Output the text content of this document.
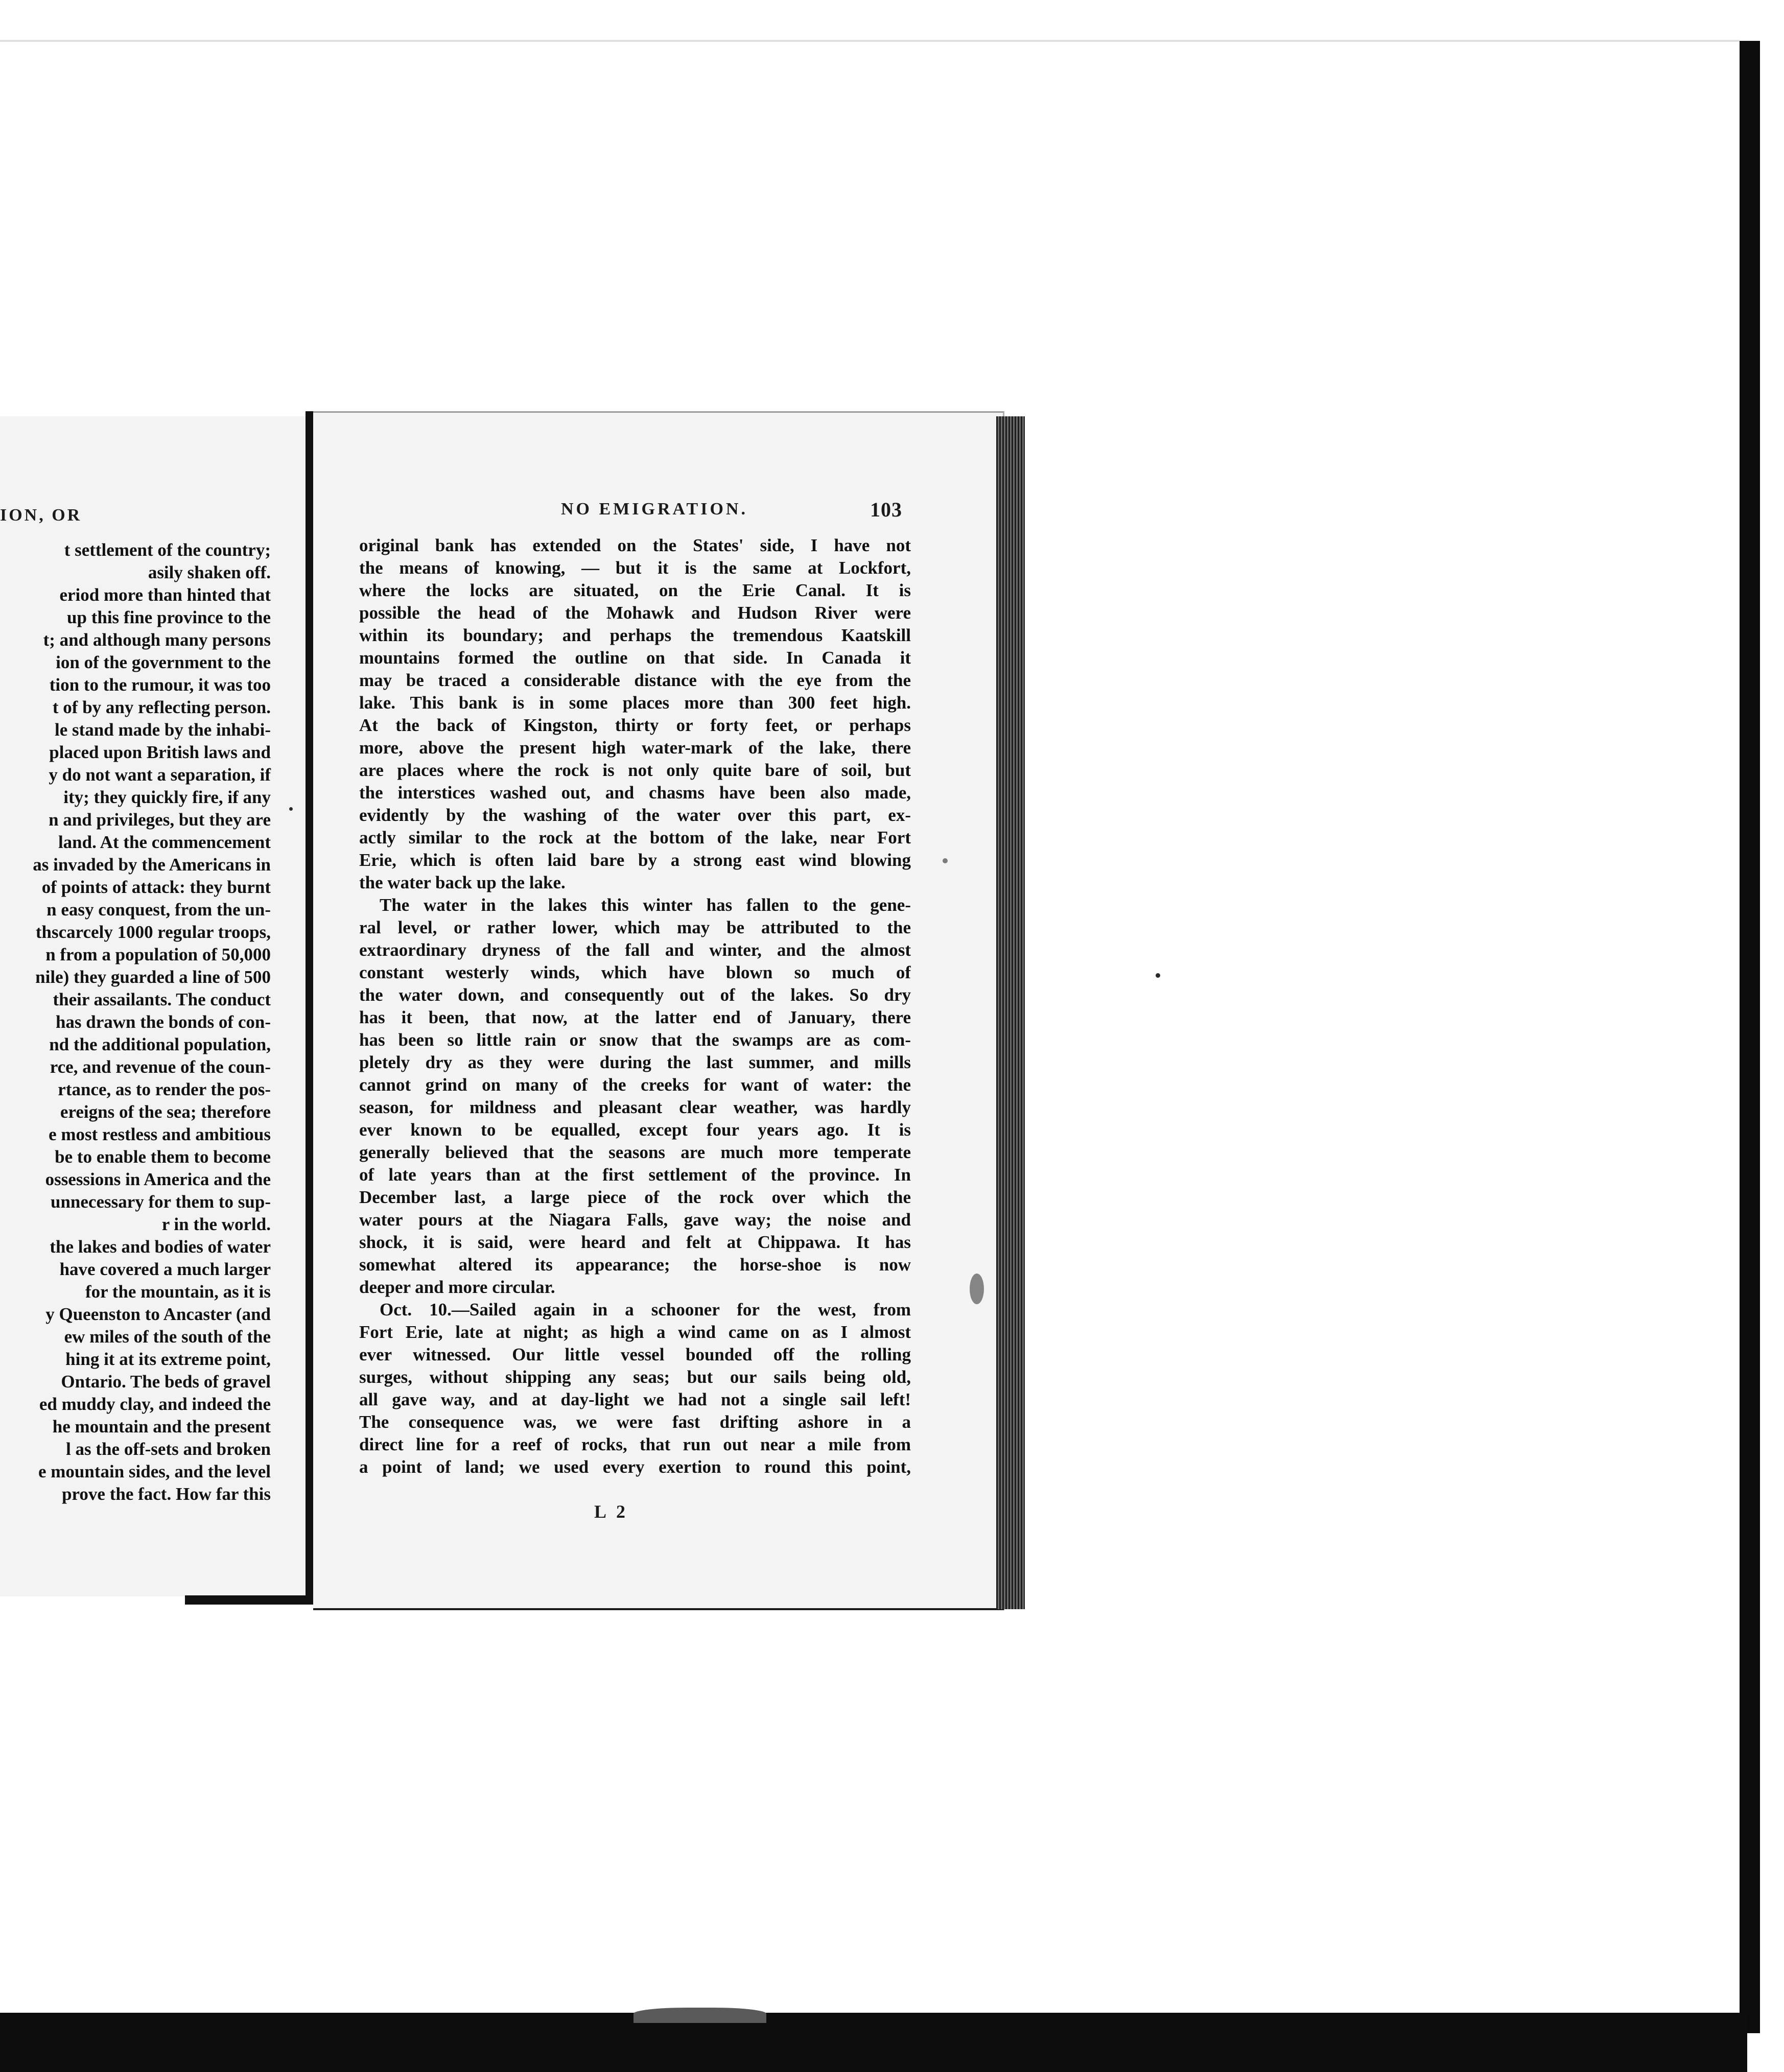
ION, OR
t settlement of the country;
asily shaken off.
eriod more than hinted that
up this fine province to the
t; and although many persons
ion of the government to the
tion to the rumour, it was too
t of by any reflecting person.
le stand made by the inhabi-
placed upon British laws and
y do not want a separation, if
ity; they quickly fire, if any
n and privileges, but they are
land. At the commencement
as invaded by the Americans in
of points of attack: they burnt
n easy conquest, from the un-
thscarcely 1000 regular troops,
n from a population of 50,000
nile) they guarded a line of 500
their assailants. The conduct
has drawn the bonds of con-
nd the additional population,
rce, and revenue of the coun-
rtance, as to render the pos-
ereigns of the sea; therefore
e most restless and ambitious
be to enable them to become
ossessions in America and the
unnecessary for them to sup-
r in the world.
the lakes and bodies of water
have covered a much larger
for the mountain, as it is
y Queenston to Ancaster (and
ew miles of the south of the
hing it at its extreme point,
Ontario. The beds of gravel
ed muddy clay, and indeed the
he mountain and the present
l as the off-sets and broken
e mountain sides, and the level
prove the fact. How far this
NO EMIGRATION.	103
original bank has extended on the States' side, I have not
the means of knowing, — but it is the same at Lockfort,
where the locks are situated, on the Erie Canal. It is
possible the head of the Mohawk and Hudson River were
within its boundary; and perhaps the tremendous Kaatskill
mountains formed the outline on that side. In Canada it
may be traced a considerable distance with the eye from the
lake. This bank is in some places more than 300 feet high.
At the back of Kingston, thirty or forty feet, or perhaps
more, above the present high water-mark of the lake, there
are places where the rock is not only quite bare of soil, but
the interstices washed out, and chasms have been also made,
evidently by the washing of the water over this part, ex-
actly similar to the rock at the bottom of the lake, near Fort
Erie, which is often laid bare by a strong east wind blowing
the water back up the lake.
The water in the lakes this winter has fallen to the gene-
ral level, or rather lower, which may be attributed to the
extraordinary dryness of the fall and winter, and the almost
constant westerly winds, which have blown so much of
the water down, and consequently out of the lakes. So dry
has it been, that now, at the latter end of January, there
has been so little rain or snow that the swamps are as com-
pletely dry as they were during the last summer, and mills
cannot grind on many of the creeks for want of water: the
season, for mildness and pleasant clear weather, was hardly
ever known to be equalled, except four years ago. It is
generally believed that the seasons are much more temperate
of late years than at the first settlement of the province. In
December last, a large piece of the rock over which the
water pours at the Niagara Falls, gave way; the noise and
shock, it is said, were heard and felt at Chippawa. It has
somewhat altered its appearance; the horse-shoe is now
deeper and more circular.
Oct. 10.—Sailed again in a schooner for the west, from
Fort Erie, late at night; as high a wind came on as I almost
ever witnessed. Our little vessel bounded off the rolling
surges, without shipping any seas; but our sails being old,
all gave way, and at day-light we had not a single sail left!
The consequence was, we were fast drifting ashore in a
direct line for a reef of rocks, that run out near a mile from
a point of land; we used every exertion to round this point,
L 2
